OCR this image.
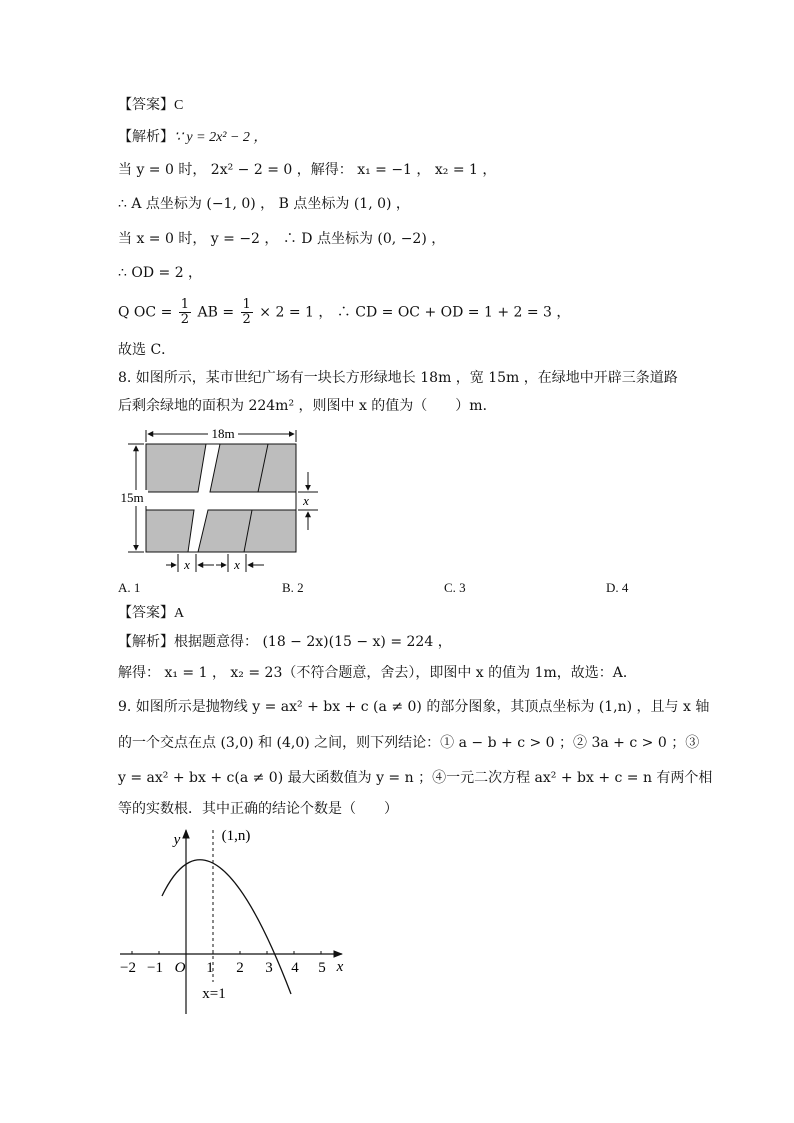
【答案】C
【解析】∵ y = 2x² − 2 ，
当 y = 0 时， 2x² − 2 = 0 ，解得： x₁ = −1 ， x₂ = 1 ，
∴ A 点坐标为 (−1, 0) ， B 点坐标为 (1, 0) ，
当 x = 0 时， y = −2 ， ∴ D 点坐标为 (0, −2) ，
∴ OD = 2 ，
Q OC = $\frac{1}{2}$ AB = $\frac{1}{2} \times 2 = 1$ ， ∴ CD = OC + OD = 1 + 2 = 3 ，
故选 C．
8. 如图所示，某市世纪广场有一块长方形绿地长 18m ，宽 15m ，在绿地中开辟三条道路
后剩余绿地的面积为 224m² ，则图中 x 的值为（　　）m．
18m
15m	x
x	x
A. 1	B. 2	C. 3	D. 4
【答案】A
【解析】根据题意得： (18 − 2x)(15 − x) = 224 ，
解得： x₁ = 1 ， x₂ = 23（不符合题意，舍去），即图中 x 的值为 1m，故选：A．
9. 如图所示是抛物线 y = ax² + bx + c (a ≠ 0) 的部分图象，其顶点坐标为 (1,n) ，且与 x 轴
的一个交点在点 (3,0) 和 (4,0) 之间，则下列结论：① a − b + c > 0 ；② 3a + c > 0 ；③
y = ax² + bx + c(a ≠ 0) 最大函数值为 y = n ；④一元二次方程 ax² + bx + c = n 有两个相
等的实数根．其中正确的结论个数是（　　）
−2 −1	1 2 3 4 5
O
y
x
x=1
(1,n)
